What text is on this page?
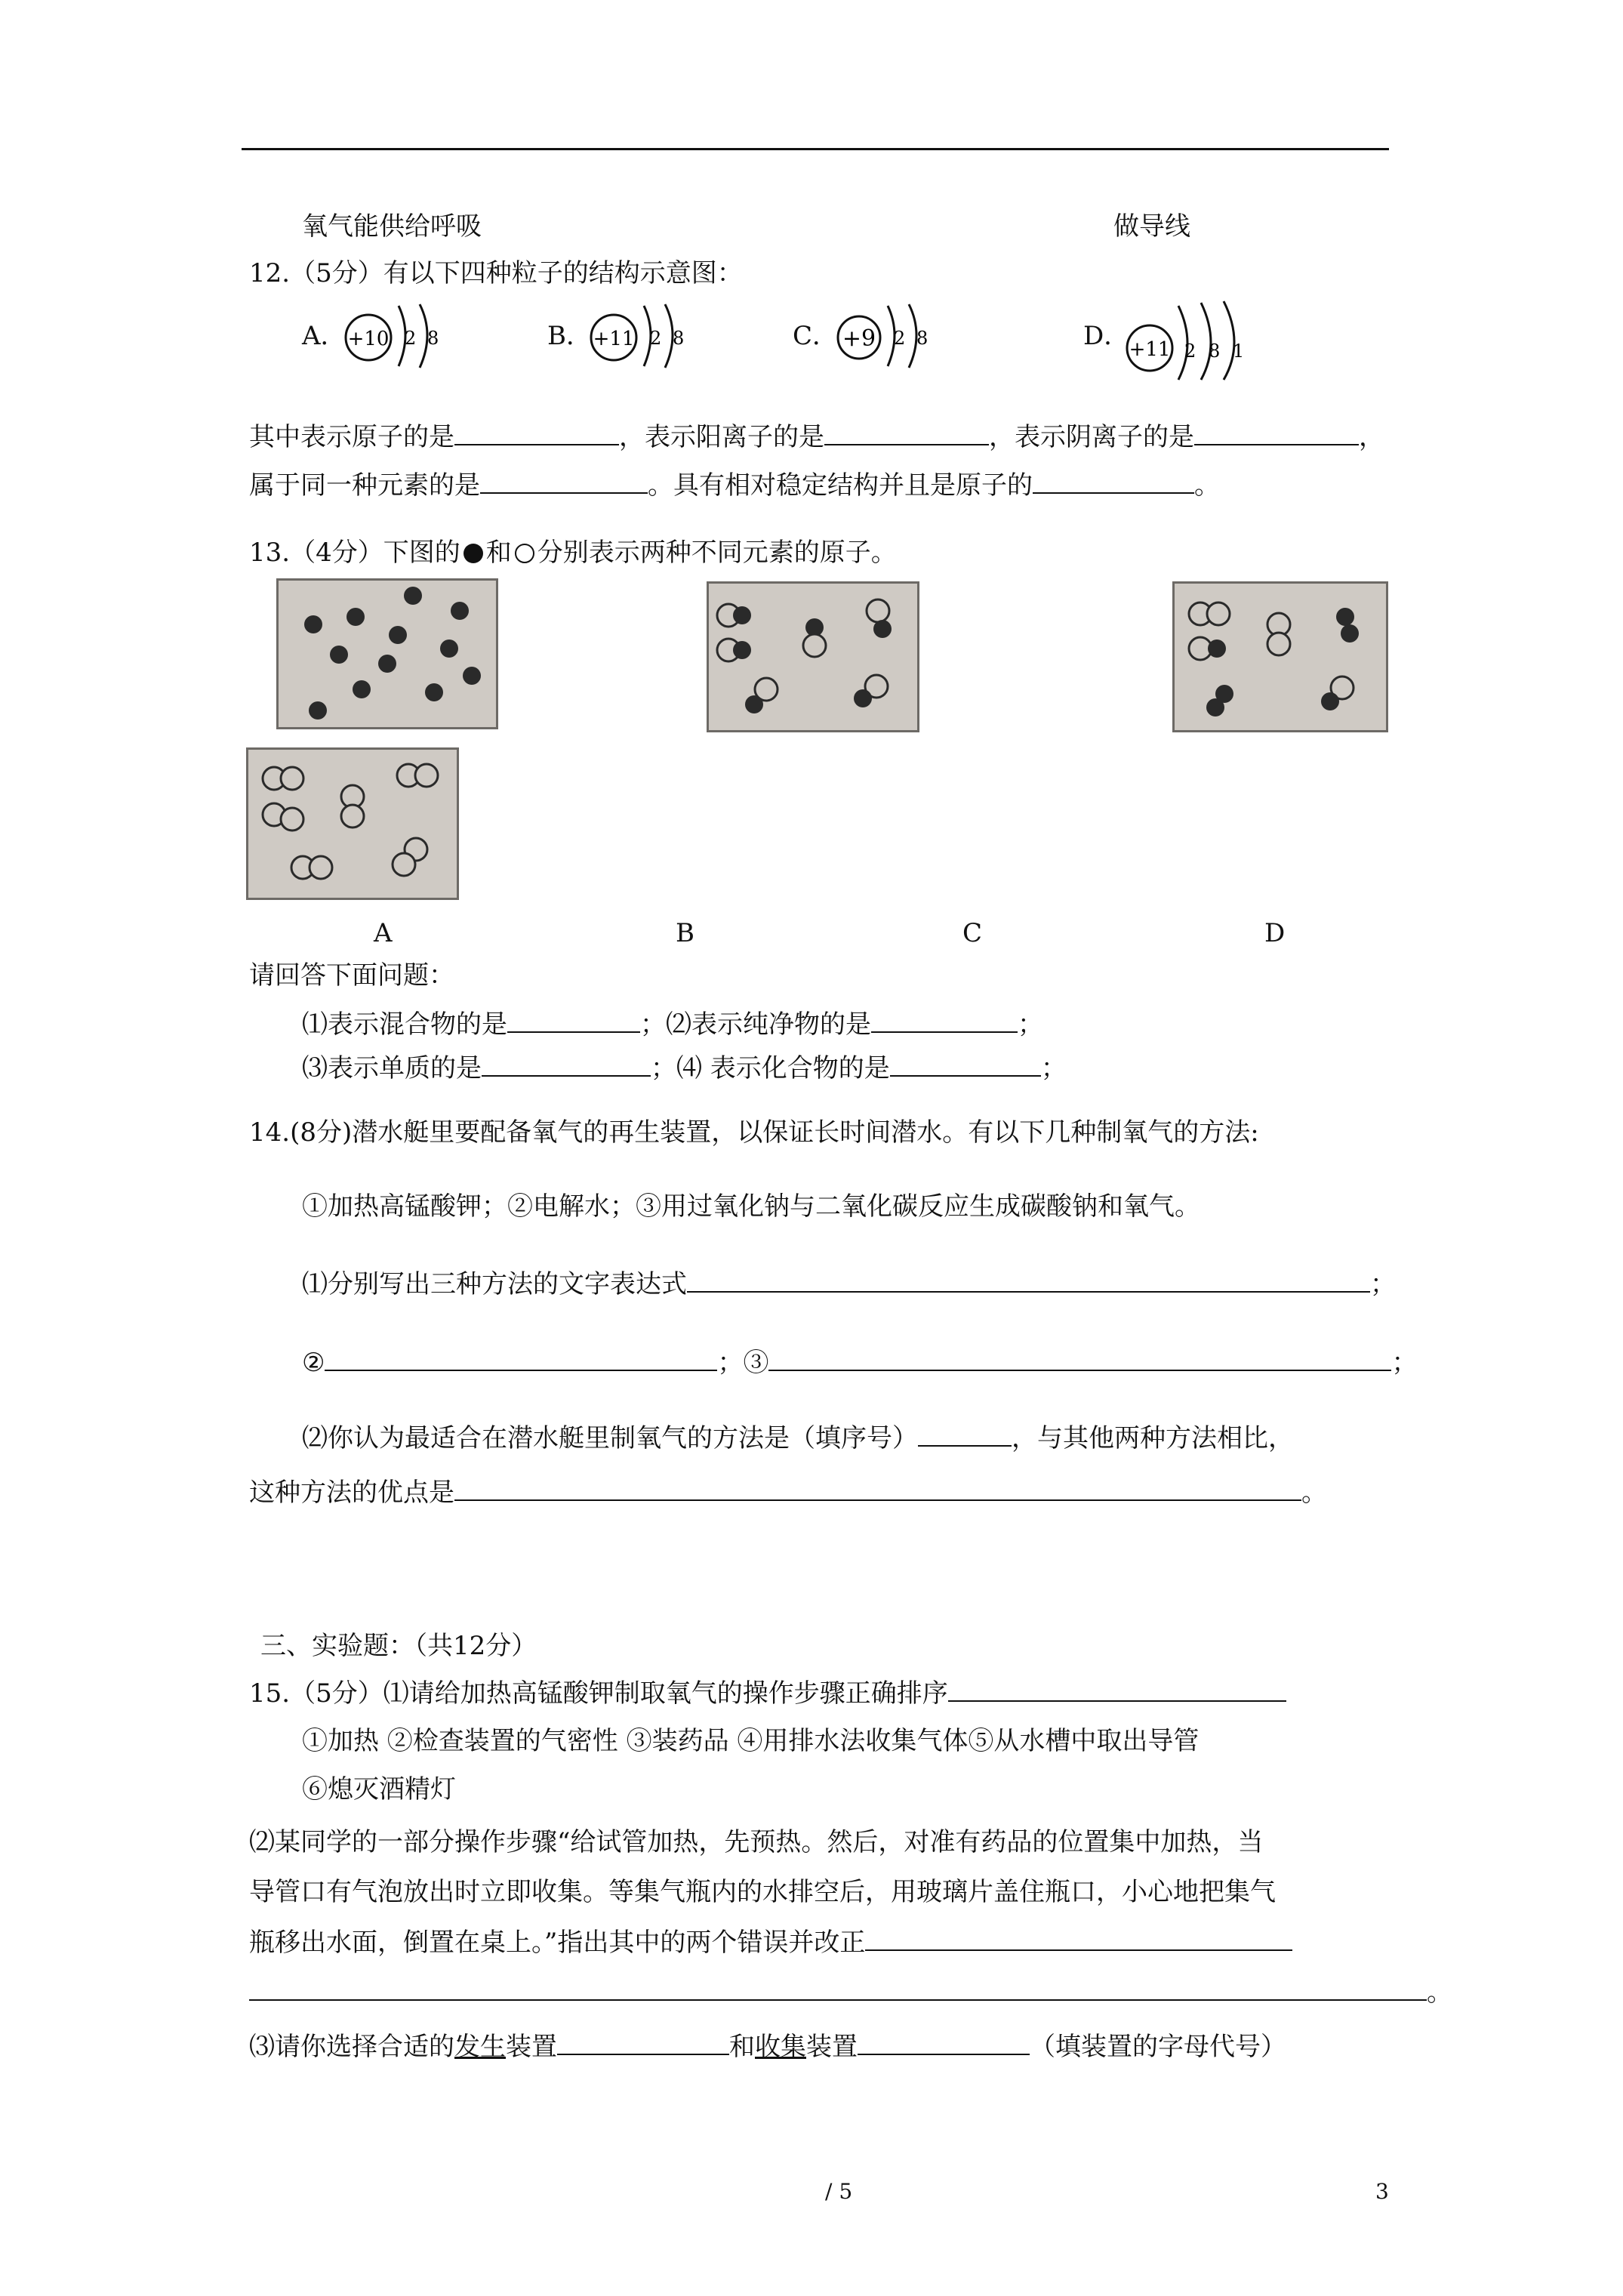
氧气能供给呼吸	做导线
12.（5分）有以下四种粒子的结构示意图：
A． +10 2 8	B． +11 2 8	C． +9 2 8	D． +11 2 8 1
其中表示原子的是	，表示阳离子的是	，表示阴离子的是	，
属于同一种元素的是	。具有相对稳定结构并且是原子的	。
13.（4分）下图的 和 分别表示两种不同元素的原子。
A	B	C	D
请回答下面问题：
⑴表示混合物的是	；⑵表示纯净物的是	；
⑶表示单质的是	；⑷ 表示化合物的是	；
14.(8分)潜水艇里要配备氧气的再生装置，以保证长时间潜水。有以下几种制氧气的方法:
①加热高锰酸钾；②电解水；③用过氧化钠与二氧化碳反应生成碳酸钠和氧气。
⑴分别写出三种方法的文字表达式	；
②	；③	；
⑵你认为最适合在潜水艇里制氧气的方法是（填序号）	，与其他两种方法相比，
这种方法的优点是	。
三、实验题：（共12分）
15.（5分）⑴请给加热高锰酸钾制取氧气的操作步骤正确排序
①加热 ②检查装置的气密性 ③装药品 ④用排水法收集气体⑤从水槽中取出导管
⑥熄灭酒精灯
⑵某同学的一部分操作步骤“给试管加热，先预热。然后，对准有药品的位置集中加热，当
导管口有气泡放出时立即收集。等集气瓶内的水排空后，用玻璃片盖住瓶口，小心地把集气
瓶移出水面，倒置在桌上。”指出其中的两个错误并改正
。
⑶请你选择合适的发生装置	和收集装置	（填装置的字母代号）
/ 5	3
